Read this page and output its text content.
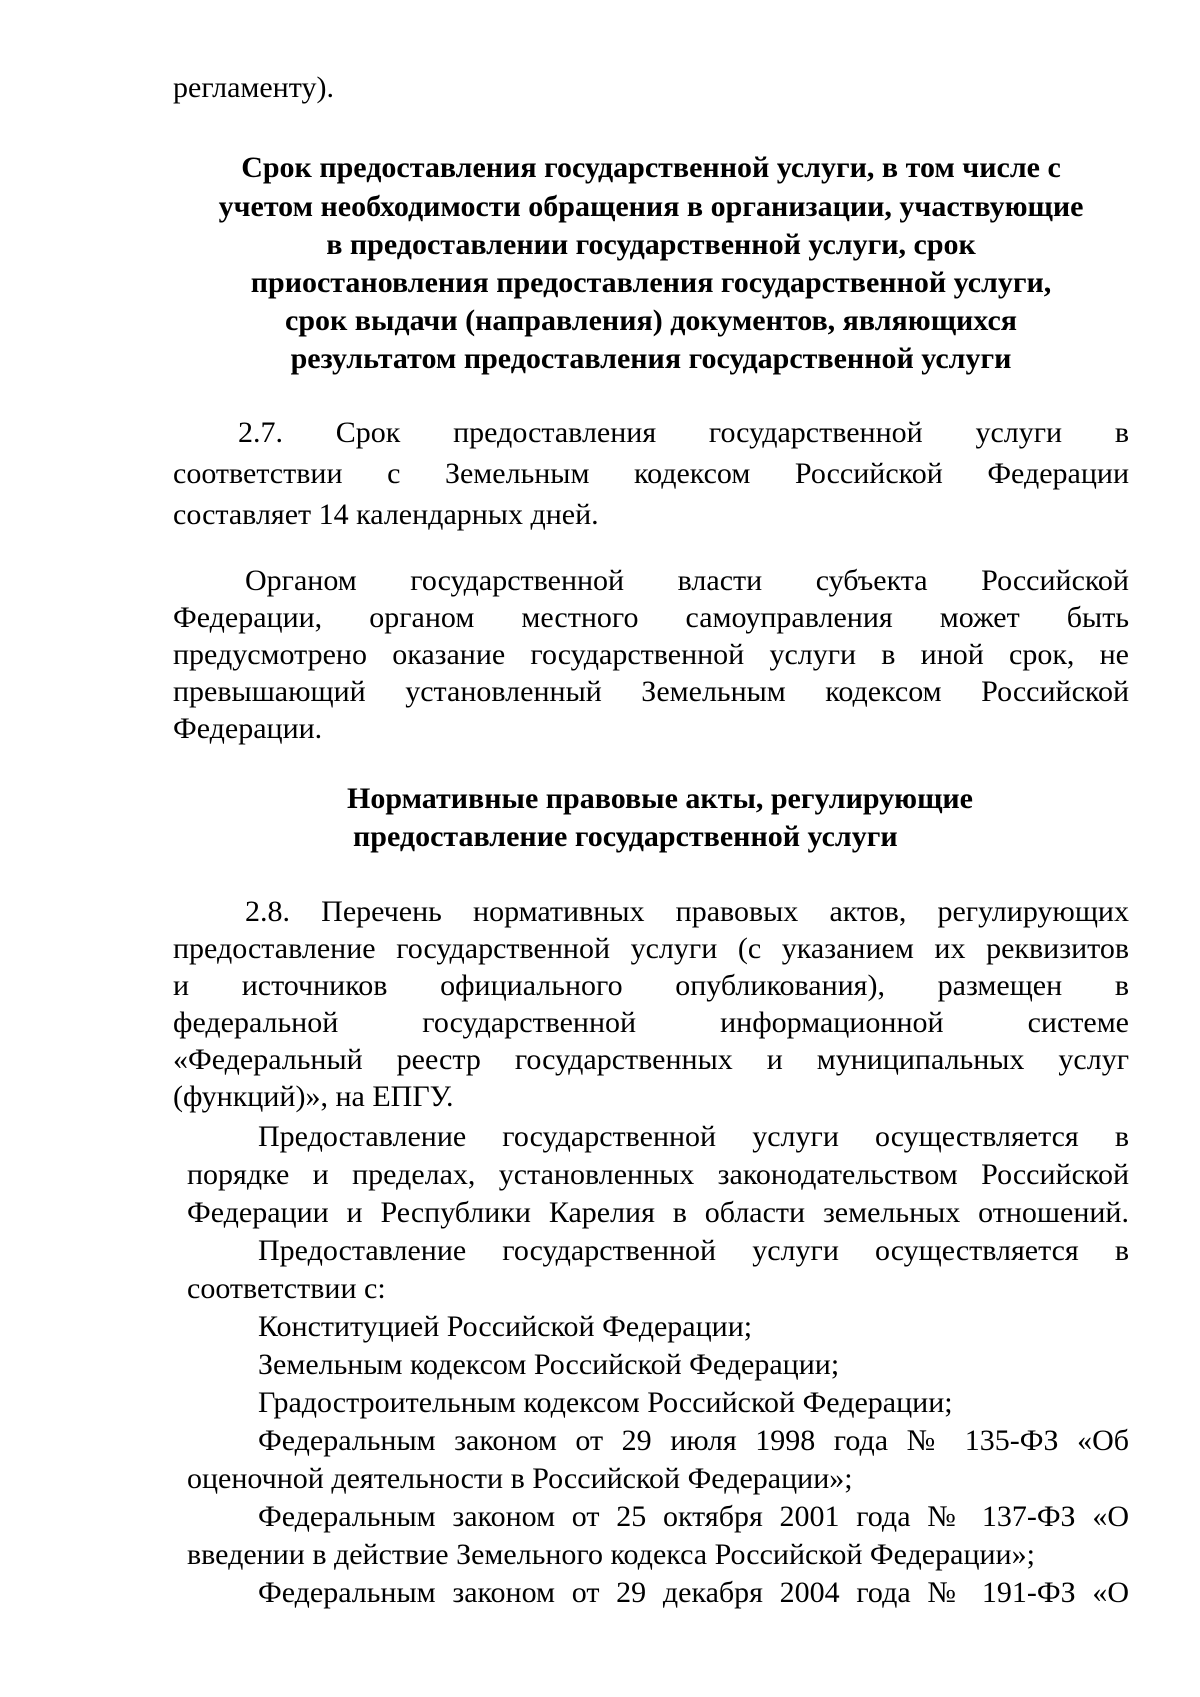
регламенту).
Срок предоставления государственной услуги, в том числе с
учетом необходимости обращения в организации, участвующие
в предоставлении государственной услуги, срок
приостановления предоставления государственной услуги,
срок выдачи (направления) документов, являющихся
результатом предоставления государственной услуги
2.7. Срок предоставления государственной услуги в
соответствии с Земельным кодексом Российской Федерации
составляет 14 календарных дней.
Органом государственной власти субъекта Российской
Федерации, органом местного самоуправления может быть
предусмотрено оказание государственной услуги в иной срок, не
превышающий установленный Земельным кодексом Российской
Федерации.
Нормативные правовые акты, регулирующие
предоставление государственной услуги
2.8. Перечень нормативных правовых актов, регулирующих
предоставление государственной услуги (с указанием их реквизитов
и источников официального опубликования), размещен в
федеральной государственной информационной системе
«Федеральный реестр государственных и муниципальных услуг
(функций)», на ЕПГУ.
Предоставление государственной услуги осуществляется в
порядке и пределах, установленных законодательством Российской
Федерации и Республики Карелия в области земельных отношений.
Предоставление государственной услуги осуществляется в
соответствии с:
Конституцией Российской Федерации;
Земельным кодексом Российской Федерации;
Градостроительным кодексом Российской Федерации;
Федеральным законом от 29 июля 1998 года № 135-ФЗ «Об
оценочной деятельности в Российской Федерации»;
Федеральным законом от 25 октября 2001 года № 137-ФЗ «О
введении в действие Земельного кодекса Российской Федерации»;
Федеральным законом от 29 декабря 2004 года № 191-ФЗ «О
